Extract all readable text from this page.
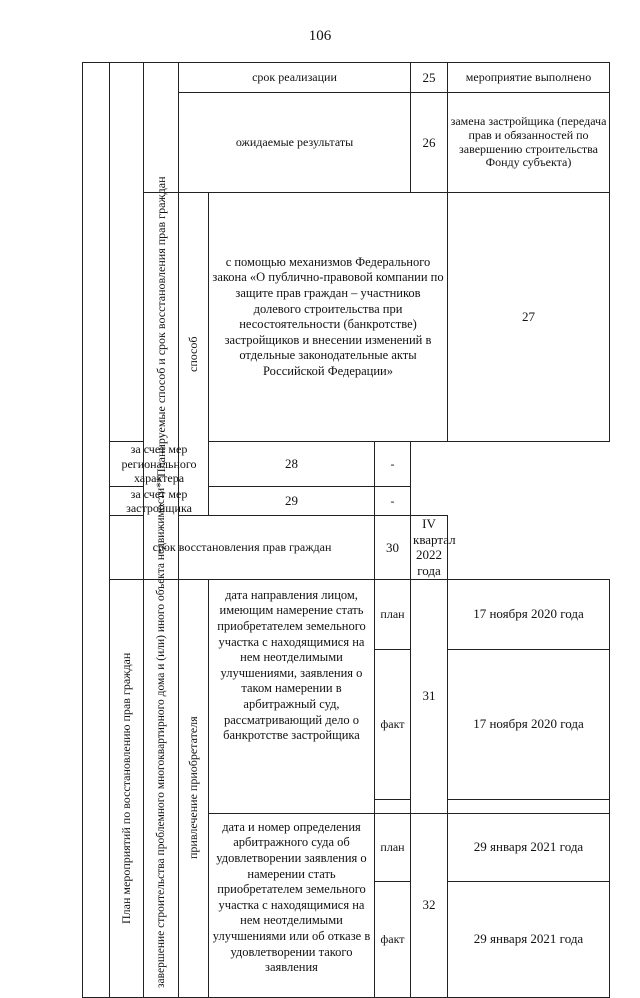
106
			срок реализации			25	мероприятие выполнено	
			ожидаемые результаты			26	замена застройщика (передача прав и обязанностей по завершению строительства Фонду субъекта)	

		Планируемые способ и срок восстановления прав граждан	способ	с помощью механизмов Федерального закона «О публично-правовой компании по защите прав граждан – участников долевого строительства при несостоятельности (банкротстве) застройщиков и внесении изменений в отдельные законодательные акты Российской Федерации»			27	
	за счет мер регионального характера			28	-			
	за счет мер застройщика			29	-			
	срок восстановления прав граждан				30	IV квартал 2022 года		

	План мероприятий по восстановлению прав граждан	завершение строительства проблемного многоквартирного дома и (или) иного объекта недвижимости**	привлечение приобретателя	дата направления лицом, имеющим намерение стать приобретателем земельного участка с находящимися на нем неотделимыми улучшениями, заявления о таком намерении в арбитражный суд, рассматривающий дело о банкротстве застройщика	план	31	17 ноября 2020 года	
					факт		17 ноября 2020 года	

				дата и номер определения арбитражного суда об удовлетворении заявления о намерении стать приобретателем земельного участка с находящимися на нем неотделимыми улучшениями или об отказе в удовлетворении такого заявления	план	32	29 января 2021 года	
					факт		29 января 2021 года	
